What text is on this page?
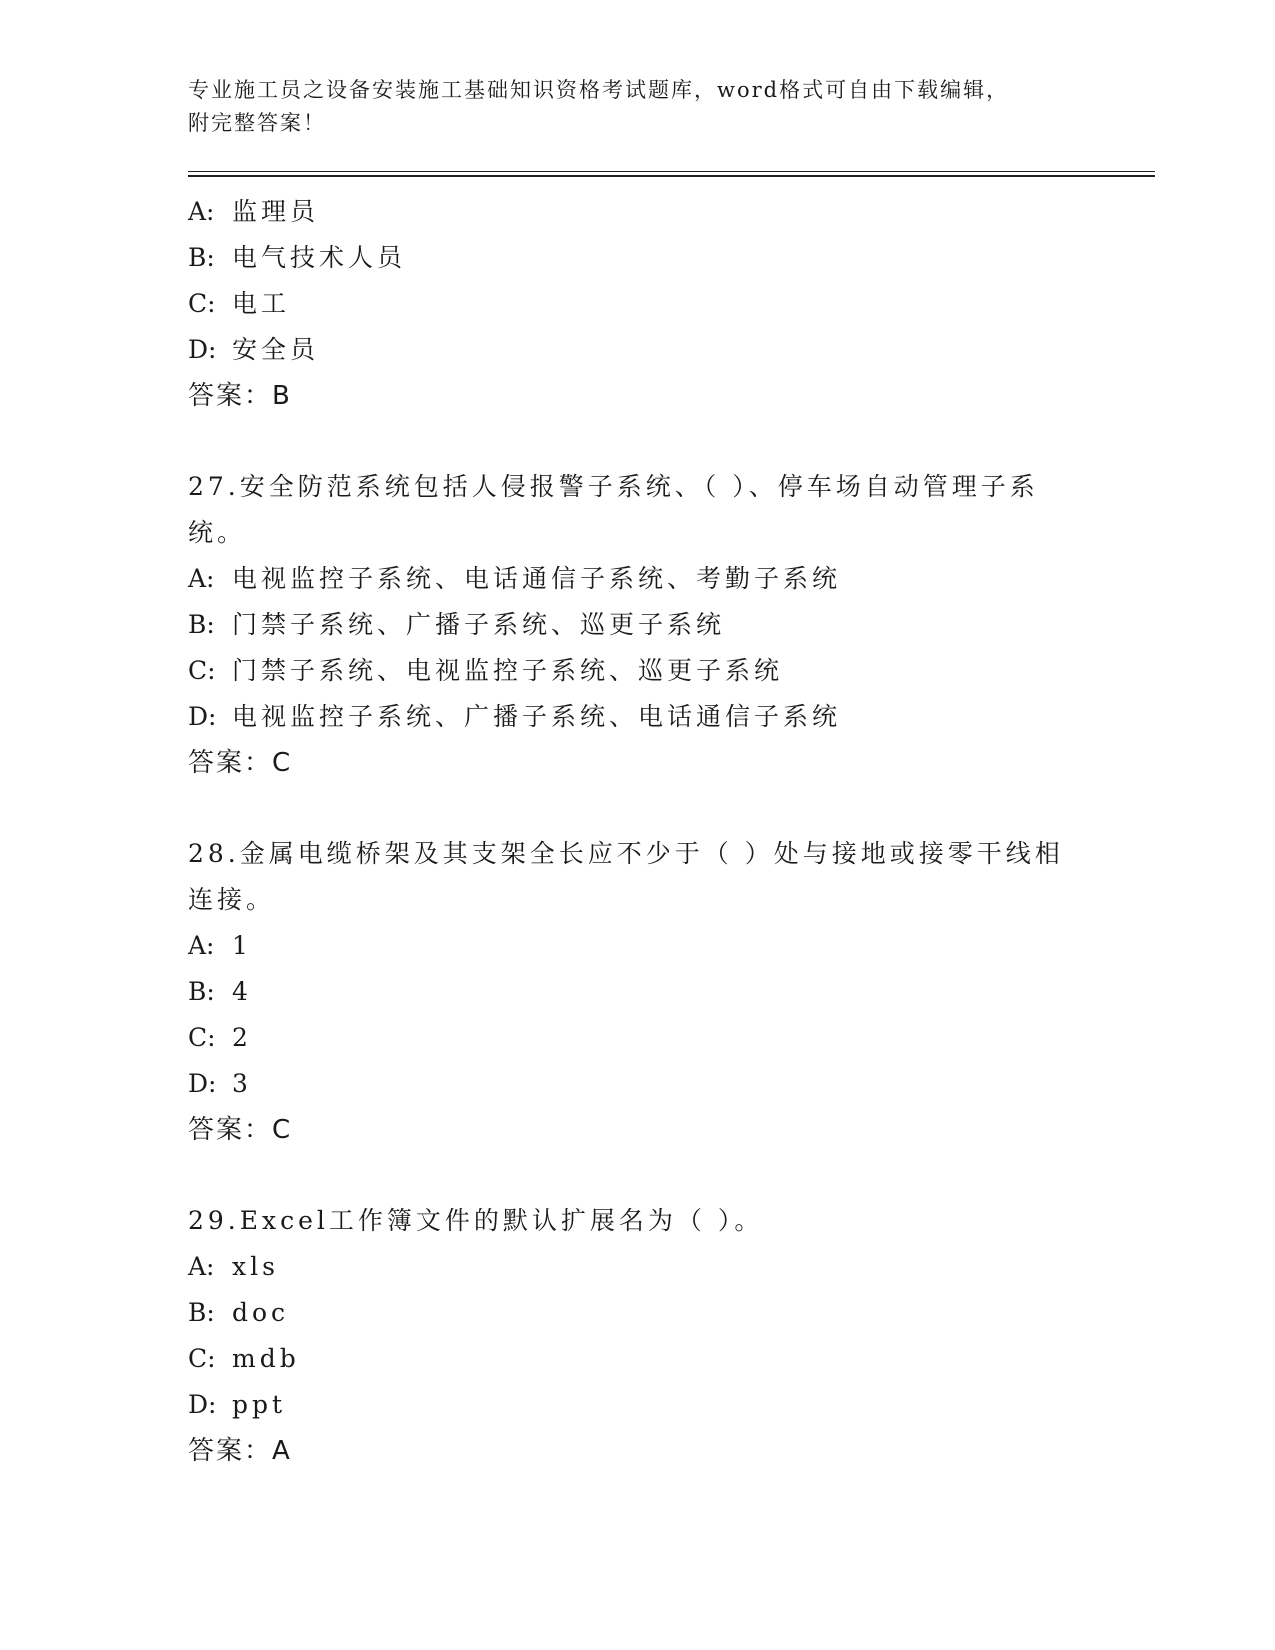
专业施工员之设备安装施工基础知识资格考试题库，word格式可自由下载编辑，
附完整答案！
A: 监理员
B: 电气技术人员
C: 电工
D: 安全员
答案：B
27.安全防范系统包括人侵报警子系统、（ ）、停车场自动管理子系
统。
A: 电视监控子系统、电话通信子系统、考勤子系统
B: 门禁子系统、广播子系统、巡更子系统
C: 门禁子系统、电视监控子系统、巡更子系统
D: 电视监控子系统、广播子系统、电话通信子系统
答案：C
28.金属电缆桥架及其支架全长应不少于（ ）处与接地或接零干线相
连接。
A: 1
B: 4
C: 2
D: 3
答案：C
29.Excel工作簿文件的默认扩展名为（ ）。
A: xls
B: doc
C: mdb
D: ppt
答案：A
